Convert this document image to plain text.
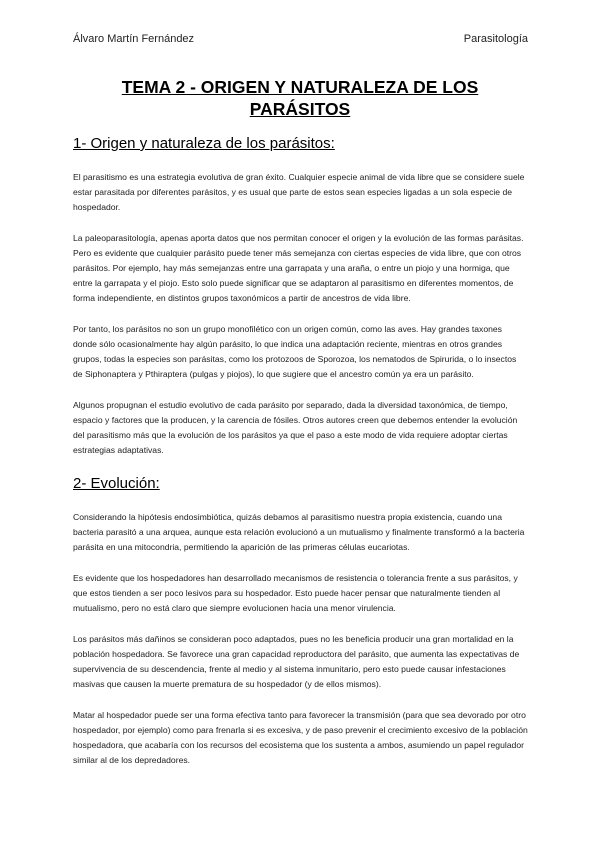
Álvaro Martín Fernández	Parasitología
TEMA 2 - ORIGEN Y NATURALEZA DE LOS
PARÁSITOS
1- Origen y naturaleza de los parásitos:

El parasitismo es una estrategia evolutiva de gran éxito. Cualquier especie animal de vida libre que se considere suele estar parasitada por diferentes parásitos, y es usual que parte de estos sean especies ligadas a un sola especie de hospedador.

La paleoparasitología, apenas aporta datos que nos permitan conocer el origen y la evolución de las formas parásitas. Pero es evidente que cualquier parásito puede tener más semejanza con ciertas especies de vida libre, que con otros parásitos. Por ejemplo, hay más semejanzas entre una garrapata y una araña, o entre un piojo y una hormiga, que entre la garrapata y el piojo. Esto solo puede significar que se adaptaron al parasitismo en diferentes momentos, de forma independiente, en distintos grupos taxonómicos a partir de ancestros de vida libre.

Por tanto, los parásitos no son un grupo monofilético con un origen común, como las aves. Hay grandes taxones donde sólo ocasionalmente hay algún parásito, lo que indica una adaptación reciente, mientras en otros grandes grupos, todas la especies son parásitas, como los protozoos de Sporozoa, los nematodos de Spirurida, o lo insectos de Siphonaptera y Pthiraptera (pulgas y piojos), lo que sugiere que el ancestro común ya era un parásito.

Algunos propugnan el estudio evolutivo de cada parásito por separado, dada la diversidad taxonómica, de tiempo, espacio y factores que la producen, y la carencia de fósiles. Otros autores creen que debemos entender la evolución del parasitismo más que la evolución de los parásitos ya que el paso a este modo de vida requiere adoptar ciertas estrategias adaptativas.

2- Evolución:

Considerando la hipótesis endosimbiótica, quizás debamos al parasitismo nuestra propia existencia, cuando una bacteria parasitó a una arquea, aunque esta relación evolucionó a un mutualismo y finalmente transformó a la bacteria parásita en una mitocondria, permitiendo la aparición de las primeras células eucariotas.

Es evidente que los hospedadores han desarrollado mecanismos de resistencia o tolerancia frente a sus parásitos, y que estos tienden a ser poco lesivos para su hospedador. Esto puede hacer pensar que naturalmente tienden al mutualismo, pero no está claro que siempre evolucionen hacia una menor virulencia.

Los parásitos más dañinos se consideran poco adaptados, pues no les beneficia producir una gran mortalidad en la población hospedadora. Se favorece una gran capacidad reproductora del parásito, que aumenta las expectativas de supervivencia de su descendencia, frente al medio y al sistema inmunitario, pero esto puede causar infestaciones masivas que causen la muerte prematura de su hospedador (y de ellos mismos).

Matar al hospedador puede ser una forma efectiva tanto para favorecer la transmisión (para que sea devorado por otro hospedador, por ejemplo) como para frenarla si es excesiva, y de paso prevenir el crecimiento excesivo de la población hospedadora, que acabaría con los recursos del ecosistema que los sustenta a ambos, asumiendo un papel regulador similar al de los depredadores.
